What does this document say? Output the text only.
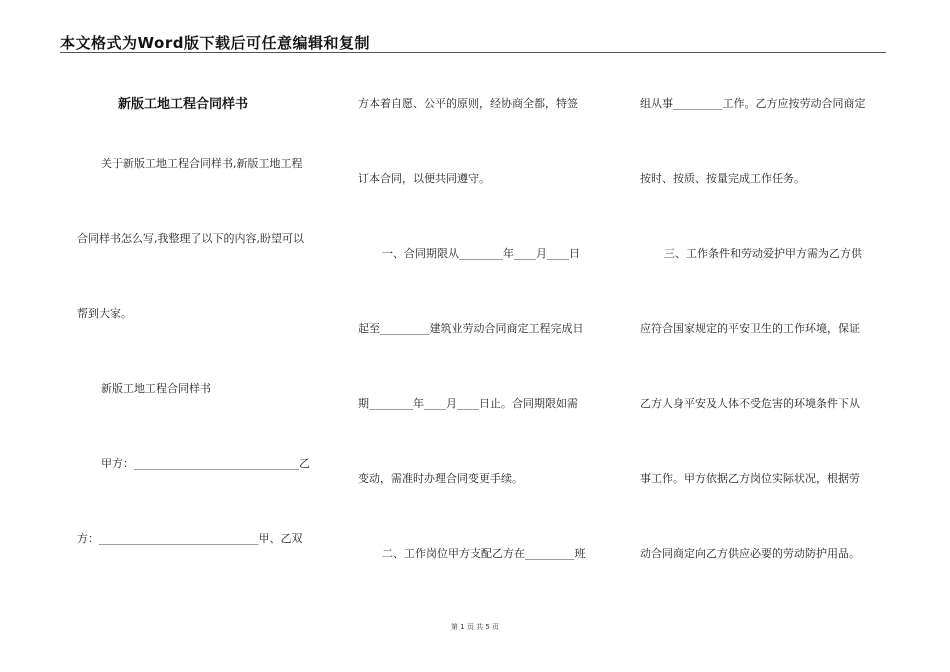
本文格式为Word版下载后可任意编辑和复制
新版工地工程合同样书
关于新版工地工程合同样书,新版工地工程
合同样书怎么写,我整理了以下的内容,盼望可以
帮到大家。
新版工地工程合同样书
甲方：______________________________乙
方：_____________________________甲、乙双
方本着自愿、公平的原则，经协商全都，特签
订本合同，以便共同遵守。
一、合同期限从________年____月____日
起至_________建筑业劳动合同商定工程完成日
期________年____月____日止。合同期限如需
变动，需准时办理合同变更手续。
二、工作岗位甲方支配乙方在_________班
组从事_________工作。乙方应按劳动合同商定
按时、按质、按量完成工作任务。
三、工作条件和劳动爱护甲方需为乙方供
应符合国家规定的平安卫生的工作环境，保证
乙方人身平安及人体不受危害的环境条件下从
事工作。甲方依据乙方岗位实际状况，根据劳
动合同商定向乙方供应必要的劳动防护用品。
第 1 页 共 5 页
